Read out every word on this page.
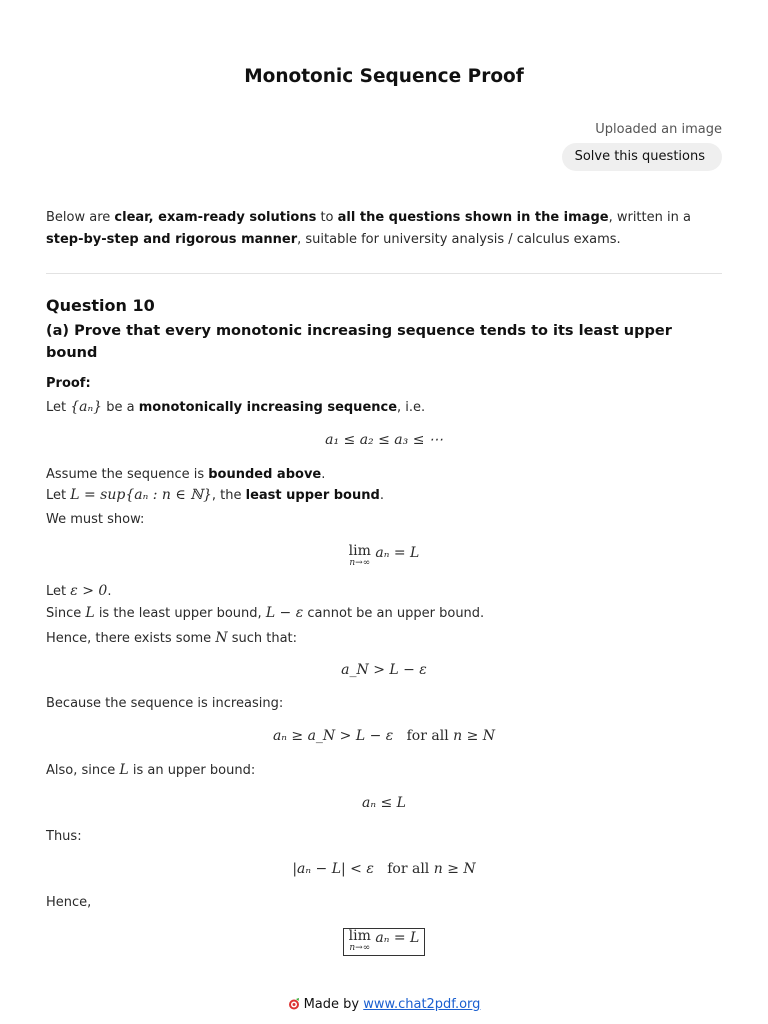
Monotonic Sequence Proof
Uploaded an image
Solve this questions
Below are clear, exam-ready solutions to all the questions shown in the image, written in a step-by-step and rigorous manner, suitable for university analysis / calculus exams.
Question 10
(a) Prove that every monotonic increasing sequence tends to its least upper bound
Proof:
Let {aₙ} be a monotonically increasing sequence, i.e.
a₁ ≤ a₂ ≤ a₃ ≤ ⋯
Assume the sequence is bounded above.
Let L = sup{aₙ : n ∈ ℕ}, the least upper bound.
We must show:
lim
n→∞
aₙ = L
Let ε > 0.
Since L is the least upper bound, L − ε cannot be an upper bound.
Hence, there exists some N such that:
a_N > L − ε
Because the sequence is increasing:
aₙ ≥ a_N > L − ε for all n ≥ N
Also, since L is an upper bound:
aₙ ≤ L
Thus:
|aₙ − L| < ε for all n ≥ N
Hence,
lim
n→∞
aₙ = L
Made by www.chat2pdf.org
